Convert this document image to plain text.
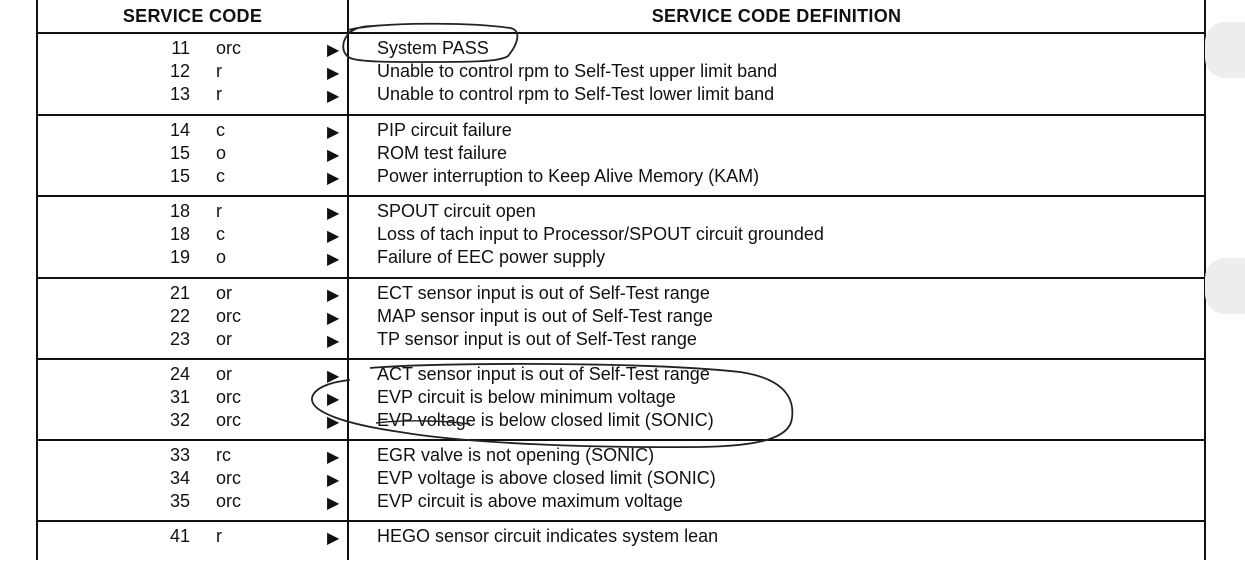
SERVICE CODE	SERVICE CODE DEFINITION
11 orc	▶ System PASS
12 r	▶ Unable to control rpm to Self-Test upper limit band
13 r	▶ Unable to control rpm to Self-Test lower limit band
14 c	▶ PIP circuit failure
15 o	▶ ROM test failure
15 c	▶ Power interruption to Keep Alive Memory (KAM)
18 r	▶ SPOUT circuit open
18 c	▶ Loss of tach input to Processor/SPOUT circuit grounded
19 o	▶ Failure of EEC power supply
21 or	▶ ECT sensor input is out of Self-Test range
22 orc	▶ MAP sensor input is out of Self-Test range
23 or	▶ TP sensor input is out of Self-Test range
24 or	▶ ACT sensor input is out of Self-Test range
31 orc	▶ EVP circuit is below minimum voltage
32 orc	▶ EVP voltage is below closed limit (SONIC)
33 rc	▶ EGR valve is not opening (SONIC)
34 orc	▶ EVP voltage is above closed limit (SONIC)
35 orc	▶ EVP circuit is above maximum voltage
41 r	▶ HEGO sensor circuit indicates system lean
